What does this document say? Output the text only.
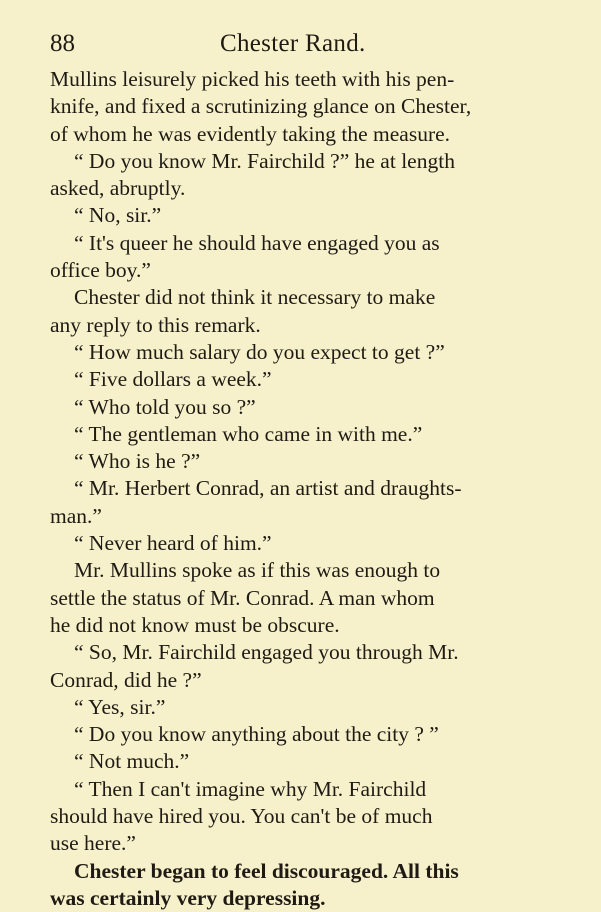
88	Chester Rand.
Mullins leisurely picked his teeth with his pen-
knife, and fixed a scrutinizing glance on Chester,
of whom he was evidently taking the measure.
“ Do you know Mr. Fairchild ?” he at length
asked, abruptly.
“ No, sir.”
“ It's queer he should have engaged you as
office boy.”
Chester did not think it necessary to make
any reply to this remark.
“ How much salary do you expect to get ?”
“ Five dollars a week.”
“ Who told you so ?”
“ The gentleman who came in with me.”
“ Who is he ?”
“ Mr. Herbert Conrad, an artist and draughts-
man.”
“ Never heard of him.”
Mr. Mullins spoke as if this was enough to
settle the status of Mr. Conrad. A man whom
he did not know must be obscure.
“ So, Mr. Fairchild engaged you through Mr.
Conrad, did he ?”
“ Yes, sir.”
“ Do you know anything about the city ? ”
“ Not much.”
“ Then I can't imagine why Mr. Fairchild
should have hired you. You can't be of much
use here.”
Chester began to feel discouraged. All this
was certainly very depressing.
